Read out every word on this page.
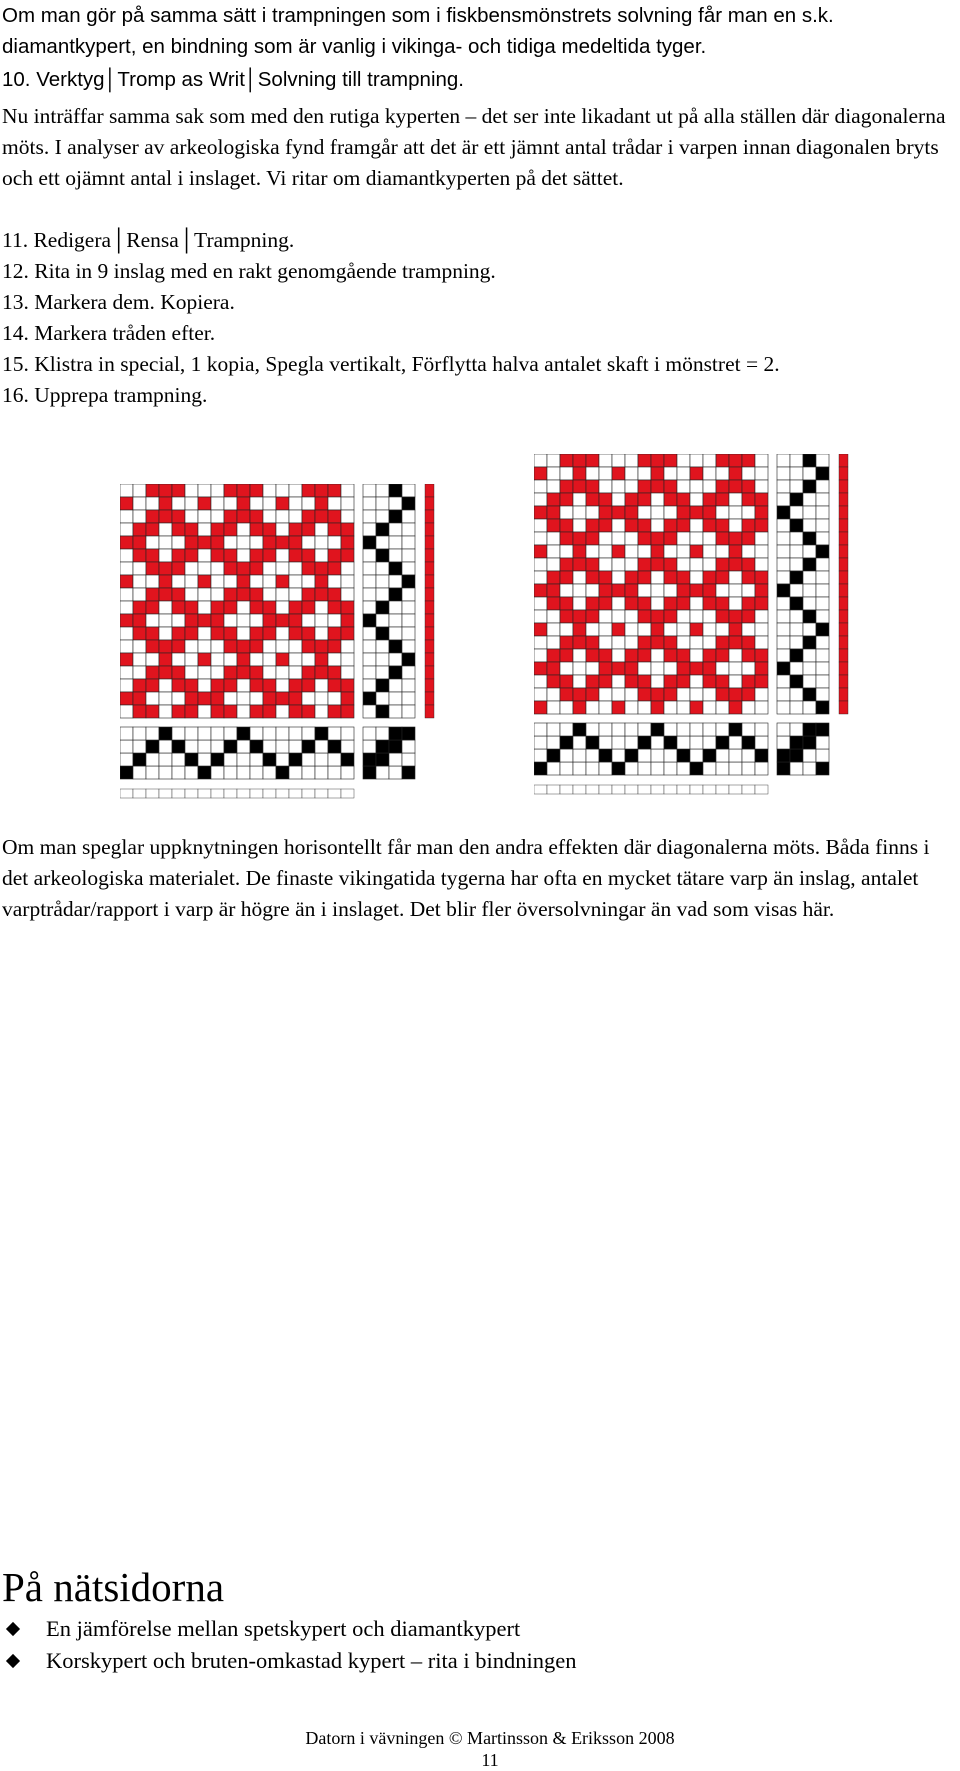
Om man gör på samma sätt i trampningen som i fiskbensmönstrets solvning får man en s.k. diamantkypert, en bindning som är vanlig i vikinga- och tidiga medeltida tyger.

10. Verktyg│Tromp as Writ│Solvning till trampning.

Nu inträffar samma sak som med den rutiga kyperten – det ser inte likadant ut på alla ställen där diagonalerna möts. I analyser av arkeologiska fynd framgår att det är ett jämnt antal trådar i varpen innan diagonalen bryts och ett ojämnt antal i inslaget. Vi ritar om diamantkyperten på det sättet.

11. Redigera│Rensa│Trampning.
12. Rita in 9 inslag med en rakt genomgående trampning.
13. Markera dem. Kopiera.
14. Markera tråden efter.
15. Klistra in special, 1 kopia, Spegla vertikalt, Förflytta halva antalet skaft i mönstret = 2.
16. Upprepa trampning.

Om man speglar uppknytningen horisontellt får man den andra effekten där diagonalerna möts. Båda finns i det arkeologiska materialet. De finaste vikingatida tygerna har ofta en mycket tätare varp än inslag, antalet varptrådar/rapport i varp är högre än i inslaget. Det blir fler översolvningar än vad som visas här.

På nätsidorna
En jämförelse mellan spetskypert och diamantkypert
Korskypert och bruten-omkastad kypert – rita i bindningen
Datorn i vävningen © Martinsson & Eriksson 2008
11
